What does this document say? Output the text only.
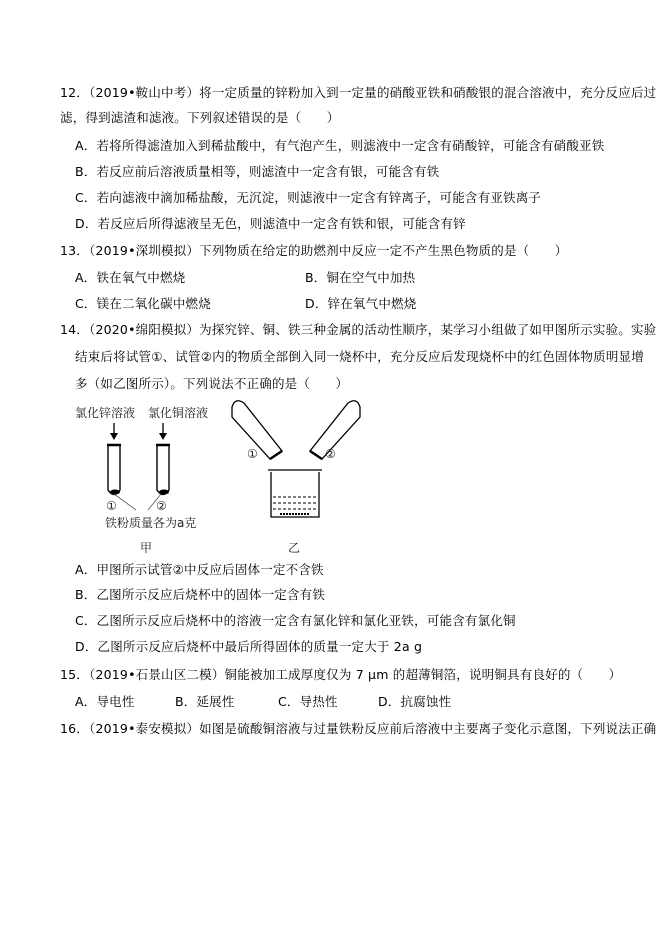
12．（2019•鞍山中考）将一定质量的锌粉加入到一定量的硝酸亚铁和硝酸银的混合溶液中，充分反应后过
滤，得到滤渣和滤液。下列叙述错误的是（　　）
A．若将所得滤渣加入到稀盐酸中，有气泡产生，则滤液中一定含有硝酸锌，可能含有硝酸亚铁
B．若反应前后溶液质量相等，则滤渣中一定含有银，可能含有铁
C．若向滤液中滴加稀盐酸，无沉淀，则滤液中一定含有锌离子，可能含有亚铁离子
D．若反应后所得滤液呈无色，则滤渣中一定含有铁和银，可能含有锌
13．（2019•深圳模拟）下列物质在给定的助燃剂中反应一定不产生黑色物质的是（　　）
A．铁在氧气中燃烧	B．铜在空气中加热
C．镁在二氧化碳中燃烧	D．锌在氧气中燃烧
14．（2020•绵阳模拟）为探究锌、铜、铁三种金属的活动性顺序，某学习小组做了如甲图所示实验。实验
结束后将试管①、试管②内的物质全部倒入同一烧杯中，充分反应后发现烧杯中的红色固体物质明显增
多（如乙图所示）。下列说法不正确的是（　　）
氯化锌溶液 氯化铜溶液
①	②
铁粉质量各为a克
甲
①	②
乙
A．甲图所示试管②中反应后固体一定不含铁
B．乙图所示反应后烧杯中的固体一定含有铁
C．乙图所示反应后烧杯中的溶液一定含有氯化锌和氯化亚铁，可能含有氯化铜
D．乙图所示反应后烧杯中最后所得固体的质量一定大于 2a g
15．（2019•石景山区二模）铜能被加工成厚度仅为 7 μm 的超薄铜箔，说明铜具有良好的（　　）
A．导电性	B．延展性	C．导热性	D．抗腐蚀性
16．（2019•泰安模拟）如图是硫酸铜溶液与过量铁粉反应前后溶液中主要离子变化示意图，下列说法正确
